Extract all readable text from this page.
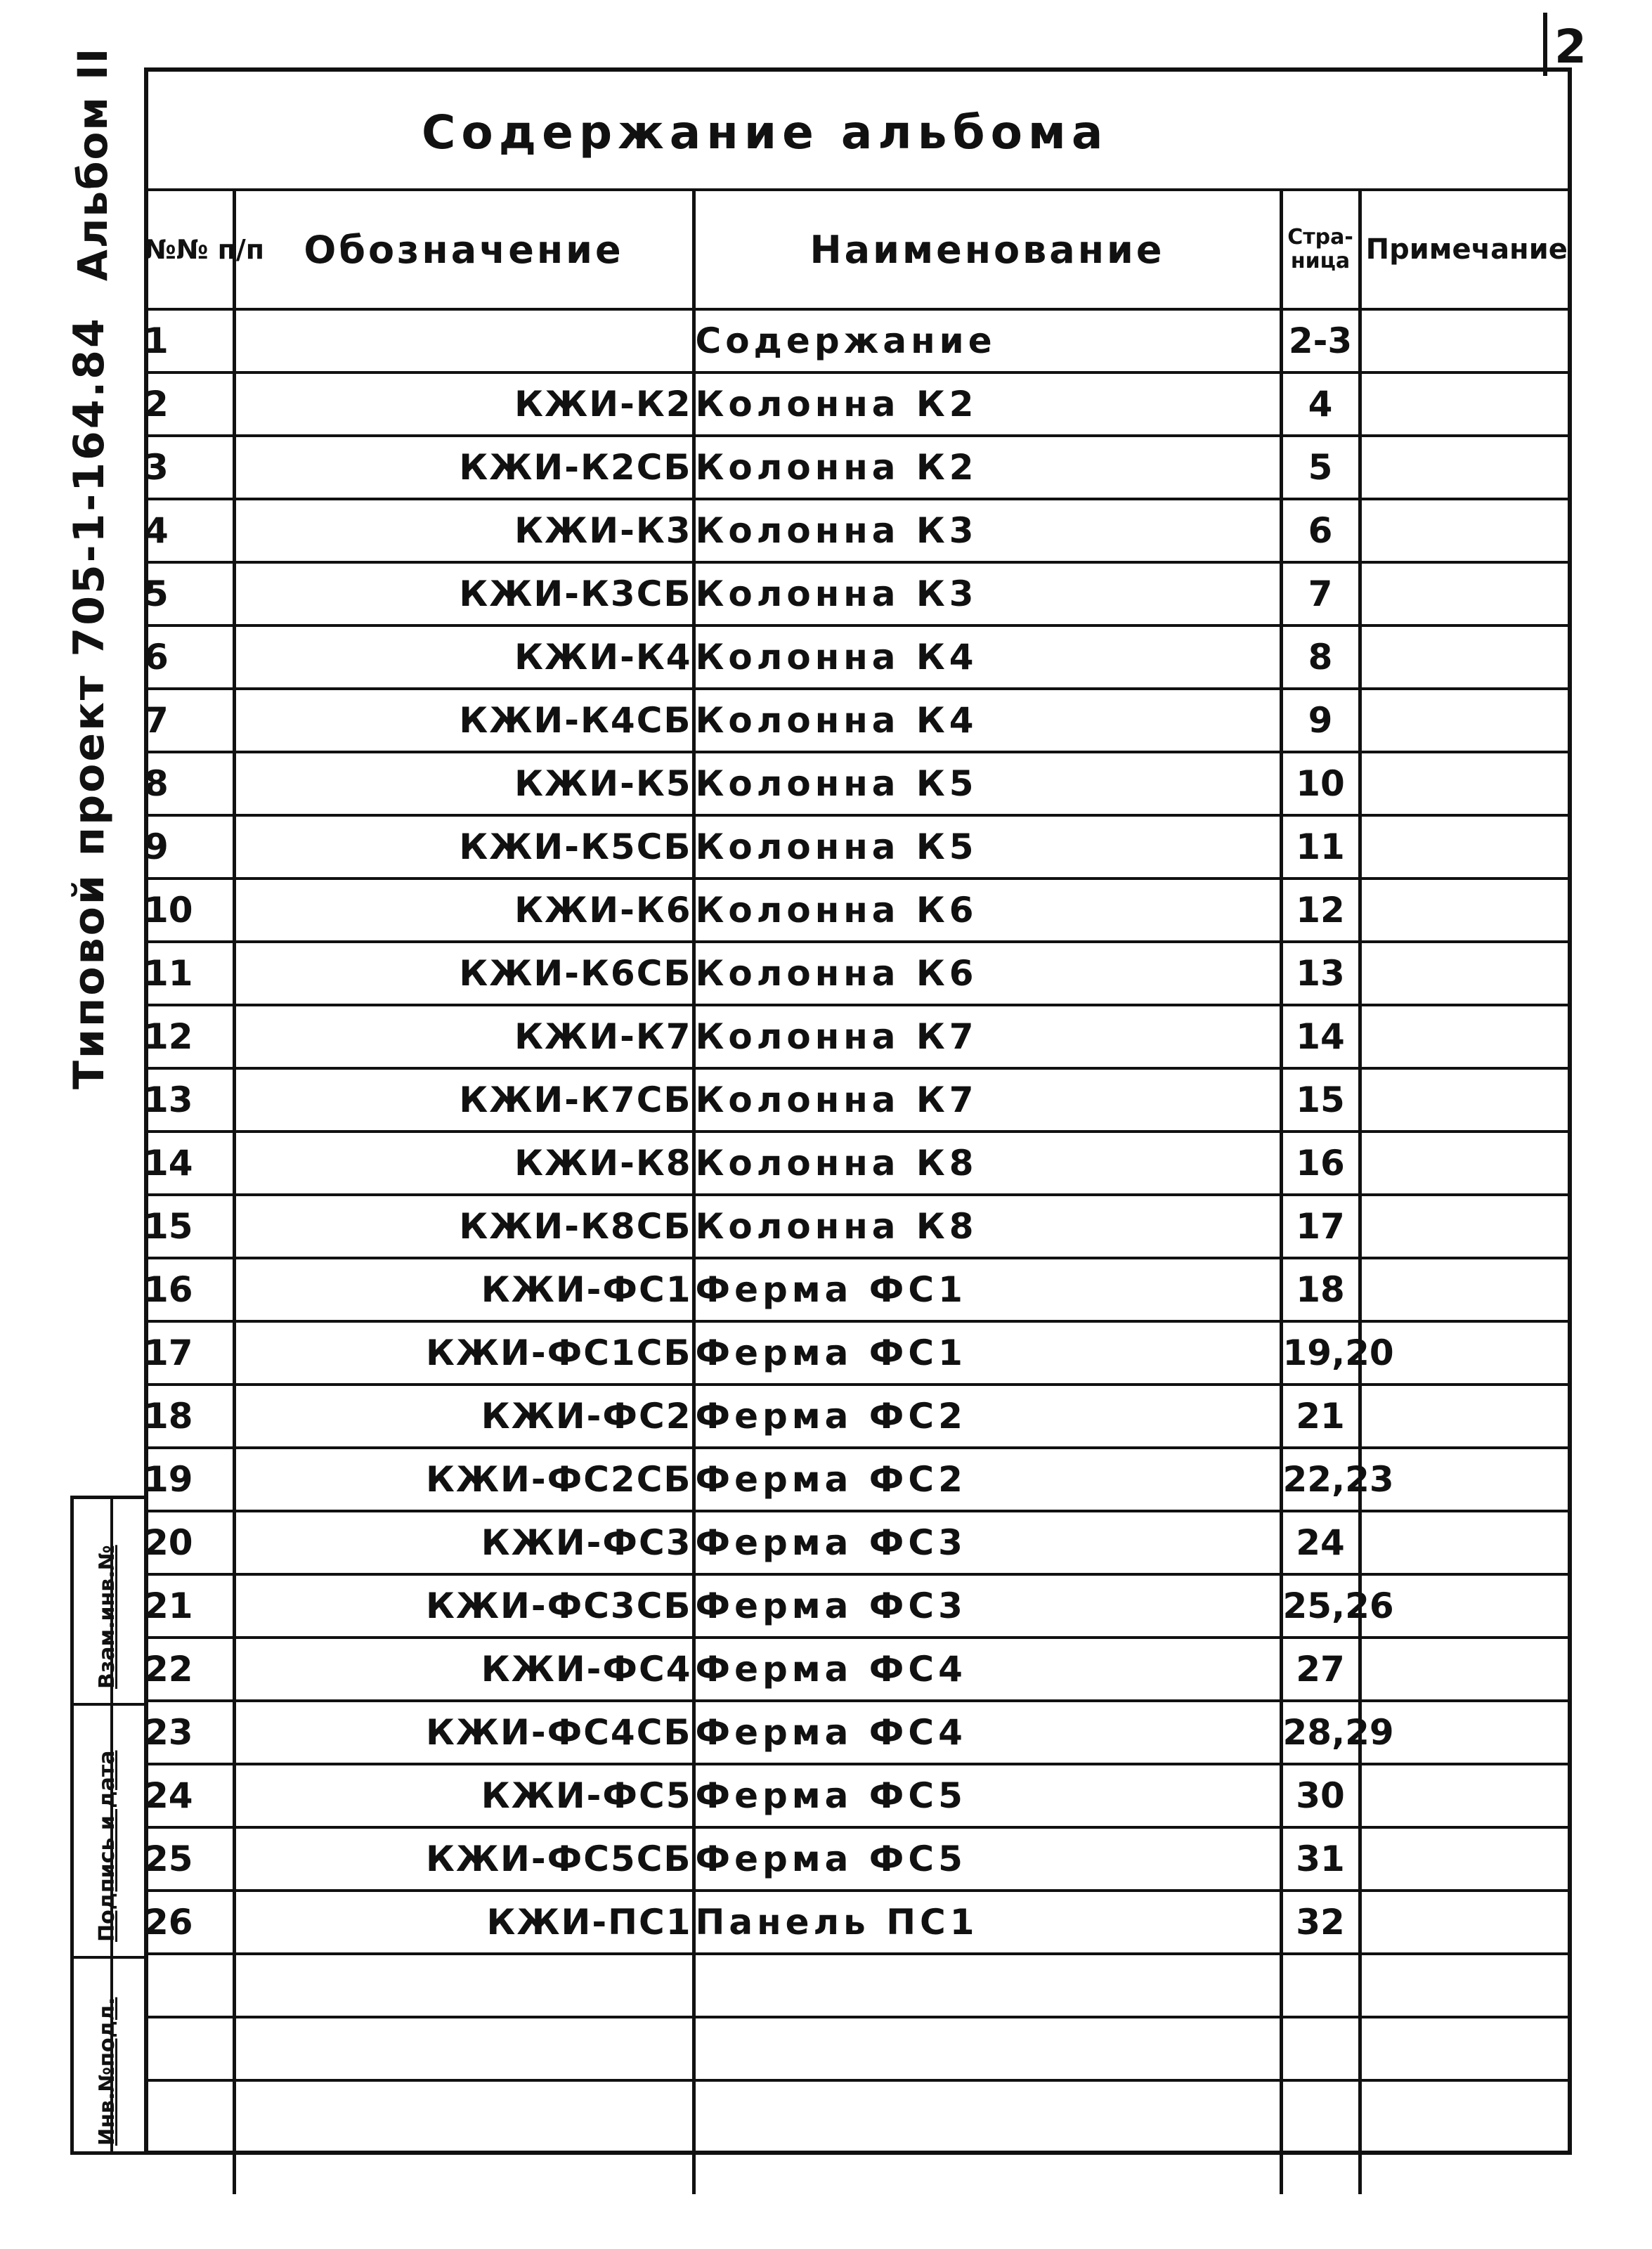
2
Альбом II
Типовой проект 705-1-164.84
Содержание альбома
№№ п/п	Обозначение	Наименование	Стра-ница	Примечание
1		Содержание	2-3	
2	КЖИ-К2	Колонна К2	4	
3	КЖИ-К2СБ	Колонна К2	5	
4	КЖИ-К3	Колонна К3	6	
5	КЖИ-К3СБ	Колонна К3	7	
6	КЖИ-К4	Колонна К4	8	
7	КЖИ-К4СБ	Колонна К4	9	
8	КЖИ-К5	Колонна К5	10	
9	КЖИ-К5СБ	Колонна К5	11	
10	КЖИ-К6	Колонна К6	12	
11	КЖИ-К6СБ	Колонна К6	13	
12	КЖИ-К7	Колонна К7	14	
13	КЖИ-К7СБ	Колонна К7	15	
14	КЖИ-К8	Колонна К8	16	
15	КЖИ-К8СБ	Колонна К8	17	
16	КЖИ-ФС1	Ферма ФС1	18	
17	КЖИ-ФС1СБ	Ферма ФС1	19,20	
18	КЖИ-ФС2	Ферма ФС2	21	
19	КЖИ-ФС2СБ	Ферма ФС2	22,23	
20	КЖИ-ФС3	Ферма ФС3	24	
21	КЖИ-ФС3СБ	Ферма ФС3	25,26	
22	КЖИ-ФС4	Ферма ФС4	27	
23	КЖИ-ФС4СБ	Ферма ФС4	28,29	
24	КЖИ-ФС5	Ферма ФС5	30	
25	КЖИ-ФС5СБ	Ферма ФС5	31	
26	КЖИ-ПС1	Панель ПС1	32	

Взам.инв.№
Подпись и дата
Инв.№подл.
